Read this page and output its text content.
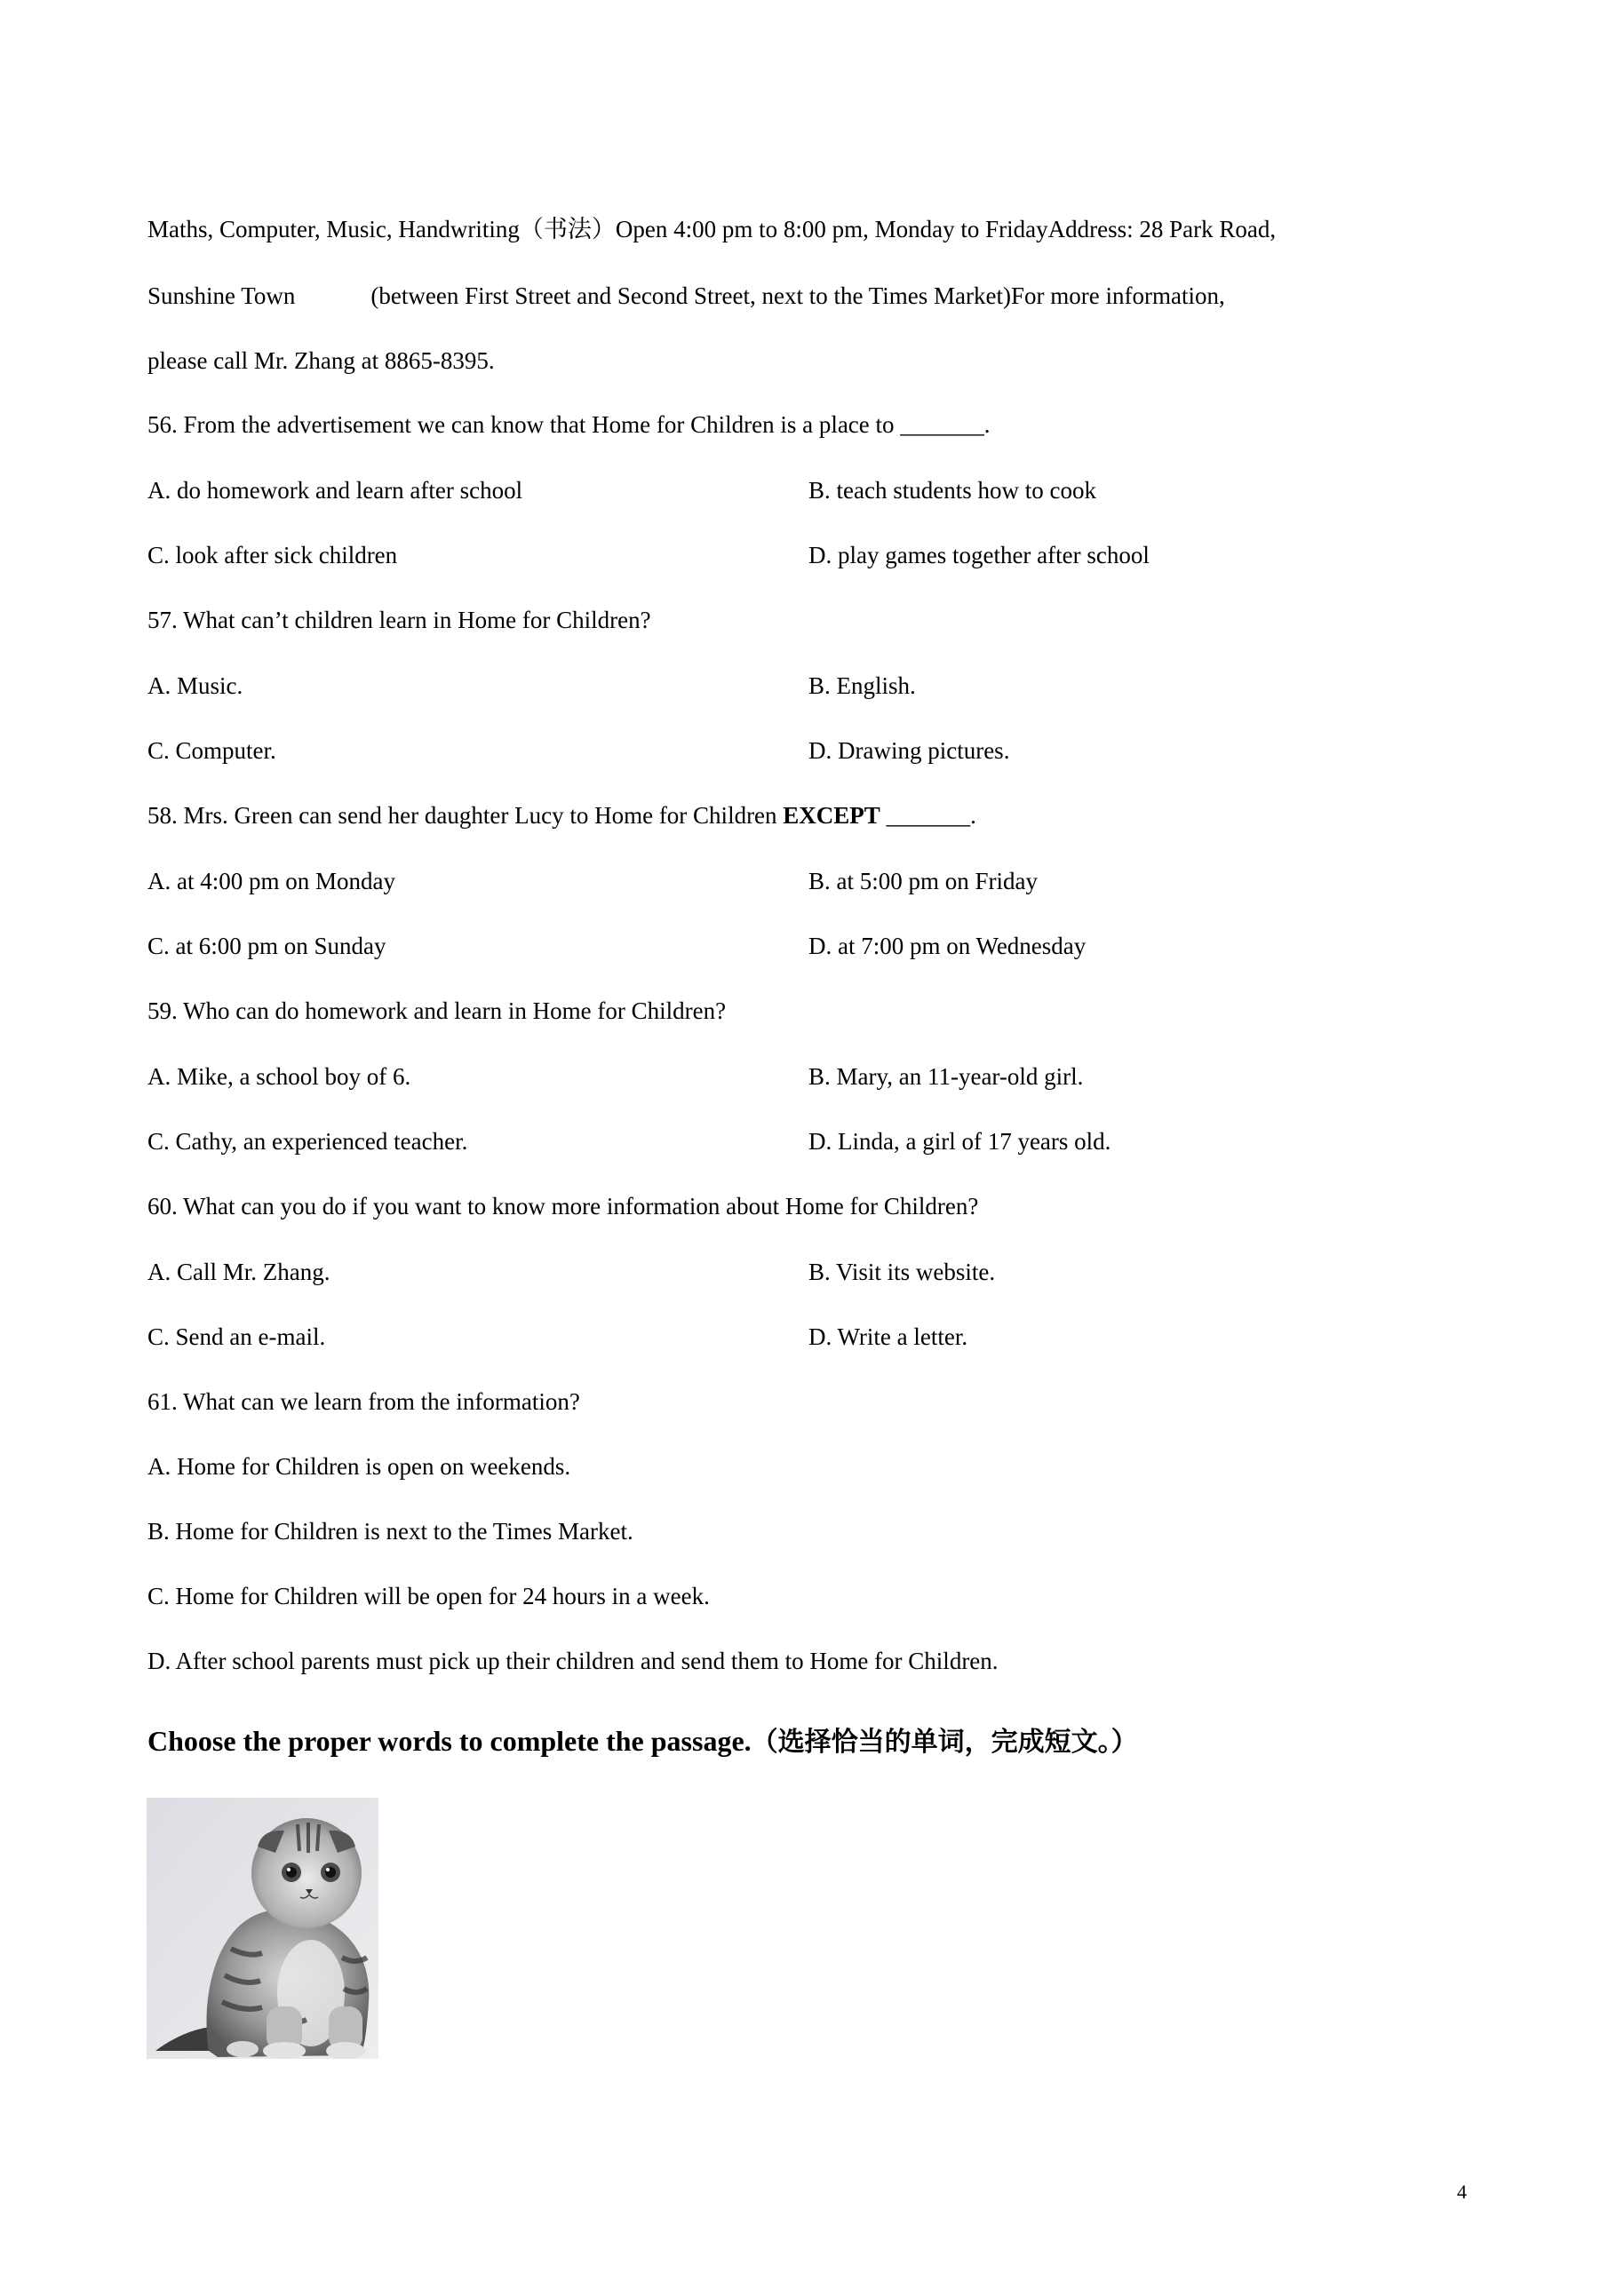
Maths, Computer, Music, Handwriting（书法）Open 4:00 pm to 8:00 pm, Monday to FridayAddress: 28 Park Road,
Sunshine Town	(between First Street and Second Street, next to the Times Market)For more information,
please call Mr. Zhang at 8865-8395.
56. From the advertisement we can know that Home for Children is a place to _______.
A. do homework and learn after school	B. teach students how to cook
C. look after sick children	D. play games together after school
57. What can’t children learn in Home for Children?
A. Music.	B. English.
C. Computer.	D. Drawing pictures.
58. Mrs. Green can send her daughter Lucy to Home for Children EXCEPT _______.
A. at 4:00 pm on Monday	B. at 5:00 pm on Friday
C. at 6:00 pm on Sunday	D. at 7:00 pm on Wednesday
59. Who can do homework and learn in Home for Children?
A. Mike, a school boy of 6.	B. Mary, an 11-year-old girl.
C. Cathy, an experienced teacher.	D. Linda, a girl of 17 years old.
60. What can you do if you want to know more information about Home for Children?
A. Call Mr. Zhang.	B. Visit its website.
C. Send an e-mail.	D. Write a letter.
61. What can we learn from the information?
A. Home for Children is open on weekends.
B. Home for Children is next to the Times Market.
C. Home for Children will be open for 24 hours in a week.
D. After school parents must pick up their children and send them to Home for Children.
Choose the proper words to complete the passage.（选择恰当的单词，完成短文。）
4
